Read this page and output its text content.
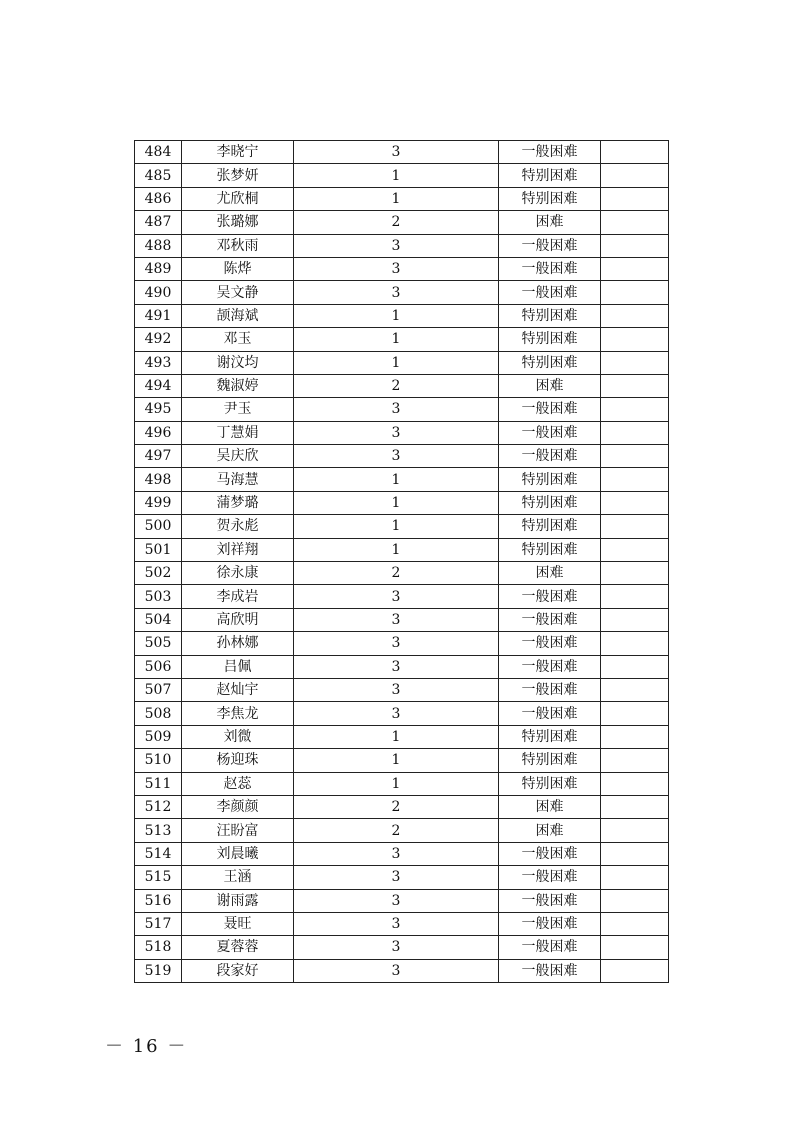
484	李晓宁	3	一般困难	
485	张梦妍	1	特别困难	
486	尤欣桐	1	特别困难	
487	张璐娜	2	困难	
488	邓秋雨	3	一般困难	
489	陈烨	3	一般困难	
490	吴文静	3	一般困难	
491	颉海斌	1	特别困难	
492	邓玉	1	特别困难	
493	谢汶均	1	特别困难	
494	魏淑婷	2	困难	
495	尹玉	3	一般困难	
496	丁慧娟	3	一般困难	
497	吴庆欣	3	一般困难	
498	马海慧	1	特别困难	
499	蒲梦璐	1	特别困难	
500	贺永彪	1	特别困难	
501	刘祥翔	1	特别困难	
502	徐永康	2	困难	
503	李成岩	3	一般困难	
504	高欣明	3	一般困难	
505	孙林娜	3	一般困难	
506	吕佩	3	一般困难	
507	赵灿宇	3	一般困难	
508	李焦龙	3	一般困难	
509	刘微	1	特别困难	
510	杨迎珠	1	特别困难	
511	赵蕊	1	特别困难	
512	李颜颜	2	困难	
513	汪盼富	2	困难	
514	刘晨曦	3	一般困难	
515	王涵	3	一般困难	
516	谢雨露	3	一般困难	
517	聂旺	3	一般困难	
518	夏蓉蓉	3	一般困难	
519	段家好	3	一般困难	
－ 16 －
